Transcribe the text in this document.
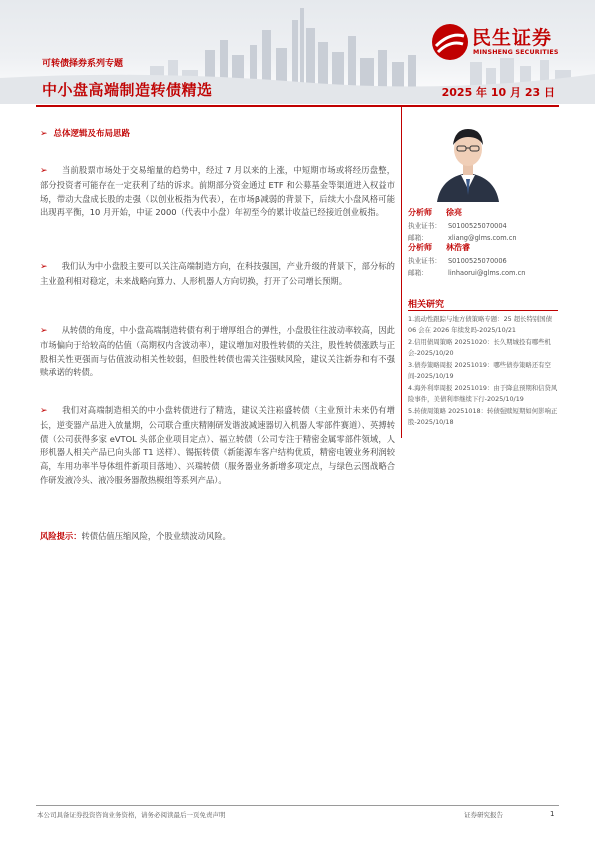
可转债择券系列专题
中小盘高端制造转债精选	2025 年 10 月 23 日
民生证券
MINSHENG SECURITIES
➢ 总体逻辑及布局思路
➢ 当前股票市场处于交易缩量的趋势中，经过 7 月以来的上涨，中短期市场或将经历盘整，部分投资者可能存在一定获利了结的诉求。前期部分资金通过 ETF 和公募基金等渠道进入权益市场，带动大盘成长股的走强（以创业板指为代表），在市场β减弱的背景下，后续大小盘风格可能出现再平衡，10 月开始，中证 2000（代表中小盘）年初至今的累计收益已经接近创业板指。
➢ 我们认为中小盘股主要可以关注高端制造方向，在科技强国，产业升级的背景下，部分标的主业盈利相对稳定，未来战略向算力、人形机器人方向切换，打开了公司增长预期。
➢ 从转债的角度，中小盘高端制造转债有利于增厚组合的弹性，小盘股往往波动率较高，因此市场偏向于给较高的估值（高期权内含波动率），建议增加对股性转债的关注，股性转债涨跌与正股相关性更强而与估值波动相关性较弱，但股性转债也需关注强赎风险，建议关注新券和有不强赎承诺的转债。
➢ 我们对高端制造相关的中小盘转债进行了精选，建议关注崧盛转债（主业预计未来仍有增长，逆变器产品进入放量期，公司联合重庆精刚研发谐波减速器切入机器人零部件赛道）、英搏转债（公司获得多家 eVTOL 头部企业项目定点）、福立转债（公司专注于精密金属零部件领域，人形机器人相关产品已向头部 T1 送样）、锡振转债（新能源车客户结构优质，精密电镀业务利润较高，车用功率半导体组件新项目落地）、兴瑞转债（服务器业务新增多项定点，与绿色云图战略合作研发液冷头、液冷服务器散热模组等系列产品）。
风险提示：转债估值压缩风险，个股业绩波动风险。
分析师 徐亮
执业证书： S0100525070004
邮箱：	xliang@glms.com.cn
分析师 林浩睿
执业证书： S0100525070006
邮箱：	linhaorui@glms.com.cn
相关研究
1.流动性跟踪与地方债策略专题：25 超长特别国债 06 会在 2026 年续发吗-2025/10/21
2.信用债周策略 20251020：长久期城投有哪些机会-2025/10/20
3.债券策略周报 20251019：哪些债券策略还有空间-2025/10/19
4.海外利率周报 20251019：由于降息预期和信贷风险事件，美债利率继续下行-2025/10/19
5.转债周策略 20251018：转债强赎短期如何影响正股-2025/10/18
本公司具备证券投资咨询业务资格，请务必阅读最后一页免责声明	证券研究报告	1
